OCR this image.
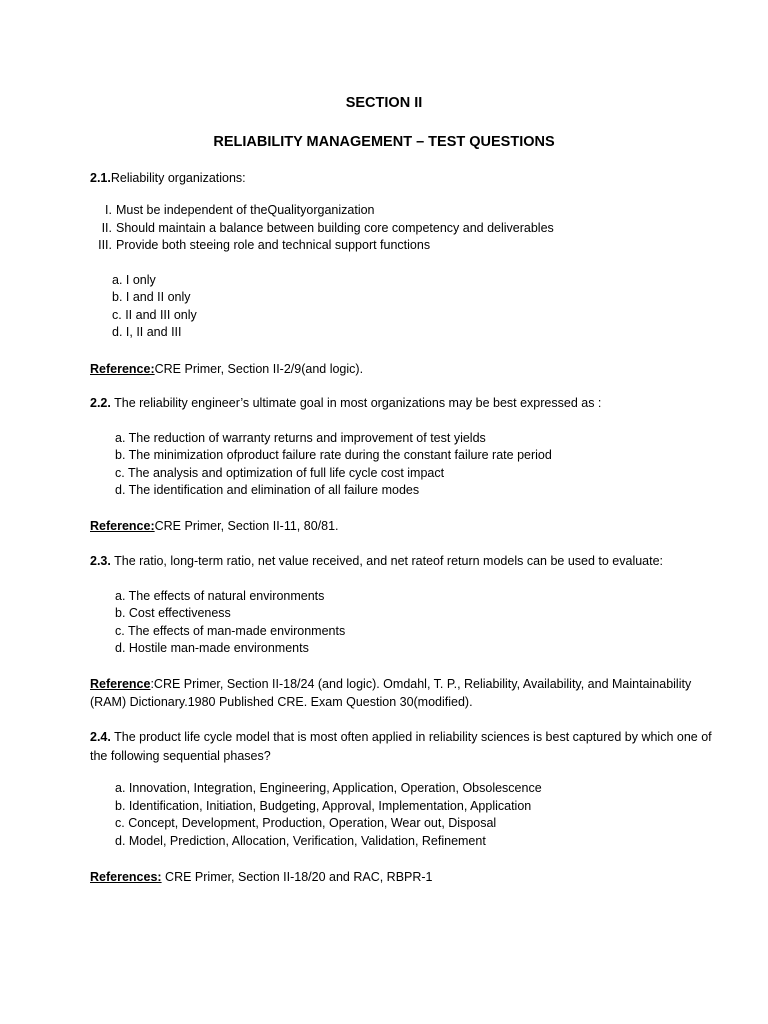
SECTION II
RELIABILITY MANAGEMENT – TEST QUESTIONS
2.1.Reliability organizations:
I. Must be independent of theQualityorganization
II. Should maintain a balance between building core competency and deliverables
III. Provide both steeing role and technical support functions
a. I only
b. I and II only
c. II and III only
d. I, II and III
Reference:CRE Primer, Section II-2/9(and logic).
2.2. The reliability engineer’s ultimate goal in most organizations may be best expressed as :
a. The reduction of warranty returns and improvement of test yields
b. The minimization ofproduct failure rate during the constant failure rate period
c. The analysis and optimization of full life cycle cost impact
d. The identification and elimination of all failure modes
Reference:CRE Primer, Section II-11, 80/81.
2.3. The ratio, long-term ratio, net value received, and net rateof return models can be used to evaluate:
a. The effects of natural environments
b. Cost effectiveness
c. The effects of man-made environments
d. Hostile man-made environments
Reference:CRE Primer, Section II-18/24 (and logic). Omdahl, T. P., Reliability, Availability, and Maintainability (RAM) Dictionary.1980 Published CRE. Exam Question 30(modified).
2.4. The product life cycle model that is most often applied in reliability sciences is best captured by which one of the following sequential phases?
a. Innovation, Integration, Engineering, Application, Operation, Obsolescence
b. Identification, Initiation, Budgeting, Approval, Implementation, Application
c. Concept, Development, Production, Operation, Wear out, Disposal
d. Model, Prediction, Allocation, Verification, Validation, Refinement
References: CRE Primer, Section II-18/20 and RAC, RBPR-1
